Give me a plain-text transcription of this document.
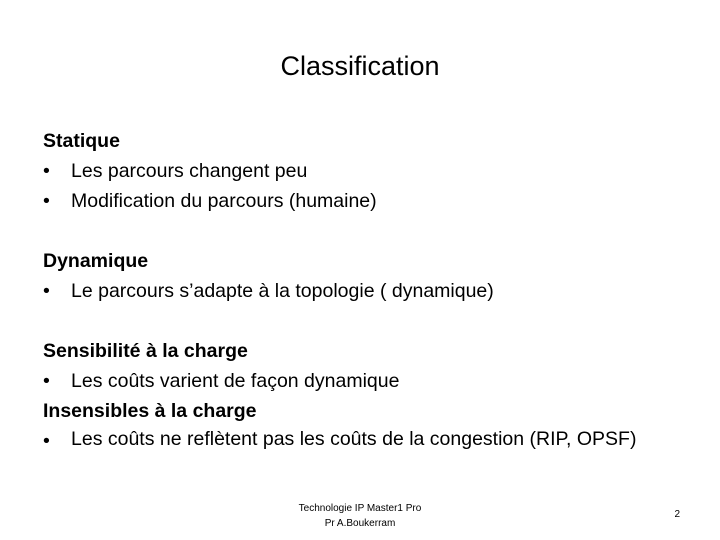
Classification
Statique
•	Les parcours changent peu
•	Modification du parcours (humaine)
Dynamique
•	Le parcours s’adapte à la topologie ( dynamique)
Sensibilité à la charge
•	Les coûts varient de façon dynamique
Insensibles à la charge
•	Les coûts ne reflètent pas les coûts de la congestion (RIP, OPSF)
Technologie IP Master1 Pro
Pr A.Boukerram
2
